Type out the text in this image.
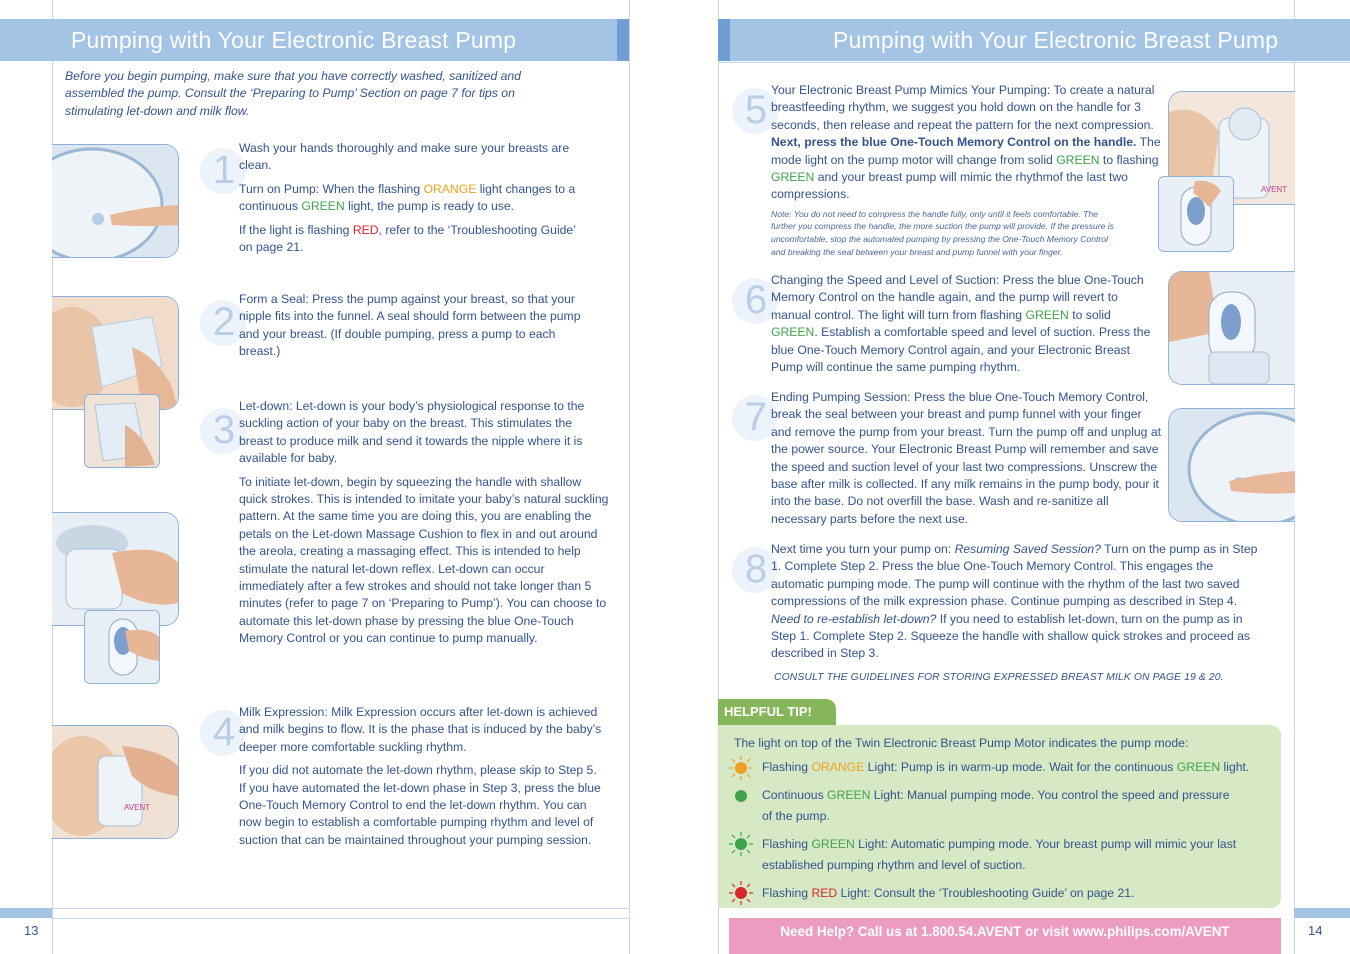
Pumping with Your Electronic Breast Pump
Before you begin pumping, make sure that you have correctly washed, sanitized and assembled the pump. Consult the ‘Preparing to Pump’ Section on page 7 for tips on stimulating let-down and milk flow.
1 Wash your hands thoroughly and make sure your breasts are clean.

Turn on Pump: When the flashing ORANGE light changes to a continuous GREEN light, the pump is ready to use.

If the light is flashing RED, refer to the ‘Troubleshooting Guide’ on page 21.

2

Form a Seal: Press the pump against your breast, so that your nipple fits into the funnel. A seal should form between the pump and your breast. (If double pumping, press a pump to each breast.)

3

Let-down: Let-down is your body’s physiological response to the suckling action of your baby on the breast. This stimulates the breast to produce milk and send it towards the nipple where it is available for baby.

To initiate let-down, begin by squeezing the handle with shallow quick strokes. This is intended to imitate your baby’s natural suckling pattern. At the same time you are doing this, you are enabling the petals on the Let-down Massage Cushion to flex in and out around the areola, creating a massaging effect. This is intended to help stimulate the natural let-down reflex. Let-down can occur immediately after a few strokes and should not take longer than 5 minutes (refer to page 7 on ‘Preparing to Pump’). You can choose to automate this let-down phase by pressing the blue One-Touch Memory Control or you can continue to pump manually.

AVENT
4 Milk Expression: Milk Expression occurs after let-down is achieved and milk begins to flow. It is the phase that is induced by the baby’s deeper more comfortable suckling rhythm.

If you did not automate the let-down rhythm, please skip to Step 5. If you have automated the let-down phase in Step 3, press the blue One-Touch Memory Control to end the let-down rhythm. You can now begin to establish a comfortable pumping rhythm and level of suction that can be maintained throughout your pumping session.

13
Pumping with Your Electronic Breast Pump
5 Your Electronic Breast Pump Mimics Your Pumping: To create a natural breastfeeding rhythm, we suggest you hold down on the handle for 3 seconds, then release and repeat the pattern for the next compression. Next, press the blue One-Touch Memory Control on the handle. The mode light on the pump motor will change from solid GREEN to flashing GREEN and your breast pump will mimic the rhythmof the last two compressions.

Note: You do not need to compress the handle fully, only until it feels comfortable. The further you compress the handle, the more suction the pump will provide. If the pressure is uncomfortable, stop the automated pumping by pressing the One-Touch Memory Control and breaking the seal between your breast and pump funnel with your finger.
AVENT
6 Changing the Speed and Level of Suction: Press the blue One-Touch Memory Control on the handle again, and the pump will revert to manual control. The light will turn from flashing GREEN to solid GREEN. Establish a comfortable speed and level of suction. Press the blue One-Touch Memory Control again, and your Electronic Breast Pump will continue the same pumping rhythm.

7 Ending Pumping Session: Press the blue One-Touch Memory Control, break the seal between your breast and pump funnel with your finger and remove the pump from your breast. Turn the pump off and unplug at the power source. Your Electronic Breast Pump will remember and save the speed and suction level of your last two compressions. Unscrew the base after milk is collected. If any milk remains in the pump body, pour it into the base. Do not overfill the base. Wash and re-sanitize all necessary parts before the next use.

8 Next time you turn your pump on: Resuming Saved Session? Turn on the pump as in Step 1. Complete Step 2. Press the blue One-Touch Memory Control. This engages the automatic pumping mode. The pump will continue with the rhythm of the last two saved compressions of the milk expression phase. Continue pumping as described in Step 4. Need to re-establish let-down? If you need to establish let-down, turn on the pump as in Step 1. Complete Step 2. Squeeze the handle with shallow quick strokes and proceed as described in Step 3.

CONSULT THE GUIDELINES FOR STORING EXPRESSED BREAST MILK ON PAGE 19 & 20.
HELPFUL TIP!
The light on top of the Twin Electronic Breast Pump Motor indicates the pump mode:
Flashing ORANGE Light: Pump is in warm-up mode. Wait for the continuous GREEN light.
Continuous GREEN Light: Manual pumping mode. You control the speed and pressure of the pump.
Flashing GREEN Light: Automatic pumping mode. Your breast pump will mimic your last established pumping rhythm and level of suction.
Flashing RED Light: Consult the ‘Troubleshooting Guide’ on page 21.
Need Help? Call us at 1.800.54.AVENT or visit www.philips.com/AVENT	14
